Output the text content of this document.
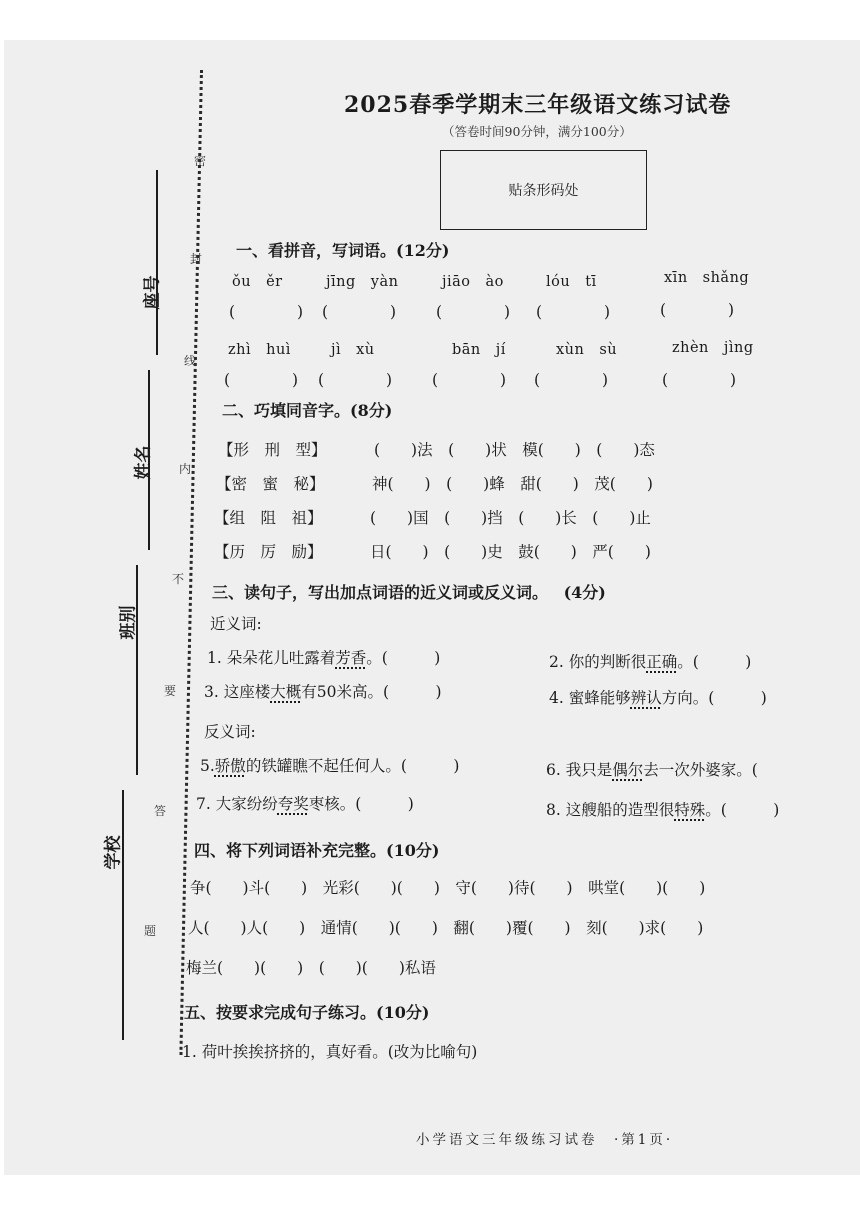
座号
姓名
班别
学校
密
封
线
内
不
要
答
题
2025春季学期末三年级语文练习试卷
（答卷时间90分钟，满分100分）
贴条形码处
一、看拼音，写词语。(12分)
ǒu　ěr	jīng　yàn	jiāo　ào	lóu　tī	xīn　shǎng
(　　　　) (　　　　)	(　　　　) (　　　　)	(　　　　)
zhì　huì	jì　xù	bān　jí	xùn　sù	zhèn　jìng
(　　　　) (　　　　)	(　　　　) (　　　　)	(　　　　)
二、巧填同音字。(8分)
【形　刑　型】	(　　)法　(　　)状　模(　　)　(　　)态
【密　蜜　秘】	神(　　)　(　　)蜂　甜(　　)　茂(　　)
【组　阻　祖】	(　　)国　(　　)挡　(　　)长　(　　)止
【历　厉　励】	日(　　)　(　　)史　鼓(　　)　严(　　)
三、读句子，写出加点词语的近义词或反义词。 (4分)
近义词:
1. 朵朵花儿吐露着芳香。(　　　)	2. 你的判断很正确。(　　　)
3. 这座楼大概有50米高。(　　　)	4. 蜜蜂能够辨认方向。(　　　)
反义词:
5.骄傲的铁罐瞧不起任何人。(　　　)	6. 我只是偶尔去一次外婆家。(
7. 大家纷纷夸奖枣核。(　　　)	8. 这艘船的造型很特殊。(　　　)
四、将下列词语补充完整。(10分)
争(　　)斗(　　)　光彩(　　)(　　)　守(　　)待(　　)　哄堂(　　)(　　)
人(　　)人(　　)　通情(　　)(　　)　翻(　　)覆(　　)　刻(　　)求(　　)
梅兰(　　)(　　)　(　　)(　　)私语
五、按要求完成句子练习。(10分)
1. 荷叶挨挨挤挤的，真好看。(改为比喻句)
小学语文三年级练习试卷　·第1页·
